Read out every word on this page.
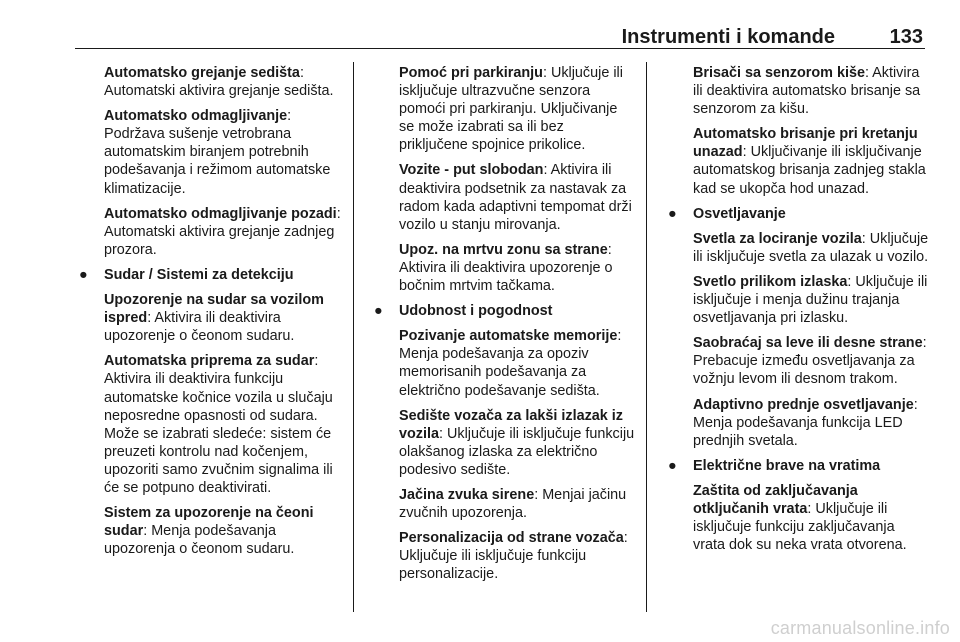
Instrumenti i komande	133

Automatsko grejanje sedišta: Automatski aktivira grejanje sedišta.

Automatsko odmagljivanje: Podržava sušenje vetrobrana automatskim biranjem potrebnih podešavanja i režimom automatske klimatizacije.

Automatsko odmagljivanje pozadi: Automatski aktivira grejanje zadnjeg prozora.

● Sudar / Sistemi za detekciju

Upozorenje na sudar sa vozilom ispred: Aktivira ili deaktivira upozorenje o čeonom sudaru.

Automatska priprema za sudar: Aktivira ili deaktivira funkciju automatske kočnice vozila u slučaju neposredne opasnosti od sudara. Može se izabrati sledeće: sistem će preuzeti kontrolu nad kočenjem, upozoriti samo zvučnim signalima ili će se potpuno deaktivirati.

Sistem za upozorenje na čeoni sudar: Menja podešavanja upozorenja o čeonom sudaru.

Pomoć pri parkiranju: Uključuje ili isključuje ultrazvučne senzora pomoći pri parkiranju. Uključivanje se može izabrati sa ili bez priključene spojnice prikolice.

Vozite - put slobodan: Aktivira ili deaktivira podsetnik za nastavak za radom kada adaptivni tempomat drži vozilo u stanju mirovanja.

Upoz. na mrtvu zonu sa strane: Aktivira ili deaktivira upozorenje o bočnim mrtvim tačkama.

● Udobnost i pogodnost

Pozivanje automatske memorije: Menja podešavanja za opoziv memorisanih podešavanja za električno podešavanje sedišta.

Sedište vozača za lakši izlazak iz vozila: Uključuje ili isključuje funkciju olakšanog izlaska za električno podesivo sedište.

Jačina zvuka sirene: Menjai jačinu zvučnih upozorenja.

Personalizacija od strane vozača: Uključuje ili isključuje funkciju personalizacije.

Brisači sa senzorom kiše: Aktivira ili deaktivira automatsko brisanje sa senzorom za kišu.

Automatsko brisanje pri kretanju unazad: Uključivanje ili isključivanje automatskog brisanja zadnjeg stakla kad se ukopča hod unazad.

● Osvetljavanje

Svetla za lociranje vozila: Uključuje ili isključuje svetla za ulazak u vozilo.

Svetlo prilikom izlaska: Uključuje ili isključuje i menja dužinu trajanja osvetljavanja pri izlasku.

Saobraćaj sa leve ili desne strane: Prebacuje između osvetljavanja za vožnju levom ili desnom trakom.

Adaptivno prednje osvetljavanje: Menja podešavanja funkcija LED prednjih svetala.

● Električne brave na vratima

Zaštita od zaključavanja otključanih vrata: Uključuje ili isključuje funkciju zaključavanja vrata dok su neka vrata otvorena.

carmanualsonline.info
